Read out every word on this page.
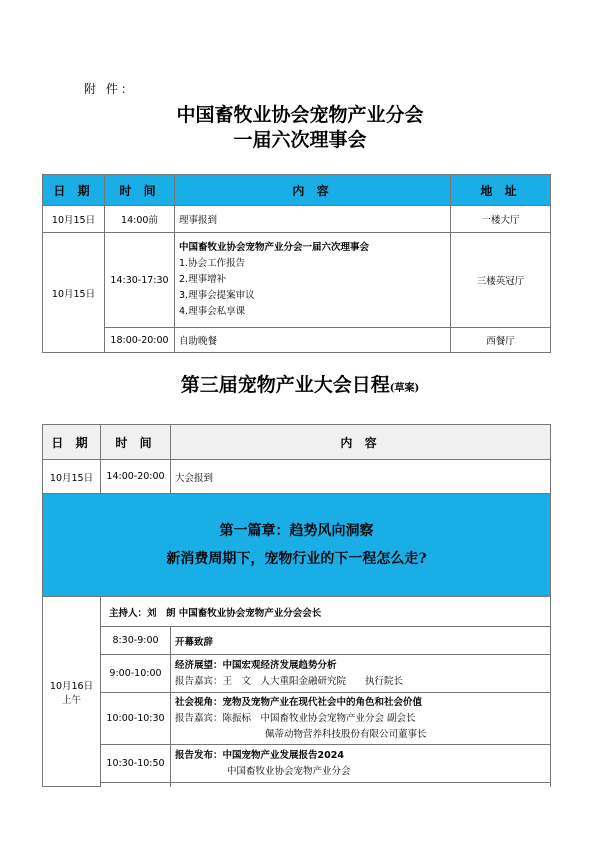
附 件：
中国畜牧业协会宠物产业分会
一届六次理事会
日 期	时 间	内 容	地 址
10月15日	14:00前	理事报到	一楼大厅
10月15日	14:30-17:30	中国畜牧业协会宠物产业分会一届六次理事会
1.协会工作报告
2.理事增补
3.理事会提案审议
4.理事会私享课	三楼英冠厅
	18:00-20:00	自助晚餐	西餐厅
第三届宠物产业大会日程(草案)
日 期	时 间	内 容
10月15日	14:00-20:00	大会报到

第一篇章：趋势风向洞察
新消费周期下，宠物行业的下一程怎么走?		

10月16日
上午	主持人：刘　朗 中国畜牧业协会宠物产业分会会长	
	8:30-9:00	开幕致辞
	9:00-10:00	经济展望：中国宏观经济发展趋势分析
报告嘉宾：王　文　人大重阳金融研究院　　执行院长

	10:00-10:30	社会视角：宠物及宠物产业在现代社会中的角色和社会价值
报告嘉宾：陈振标　中国畜牧业协会宠物产业分会 副会长
佩蒂动物营养科技股份有限公司董事长

	10:30-10:50	报告发布：中国宠物产业发展报告2024
中国畜牧业协会宠物产业分会
